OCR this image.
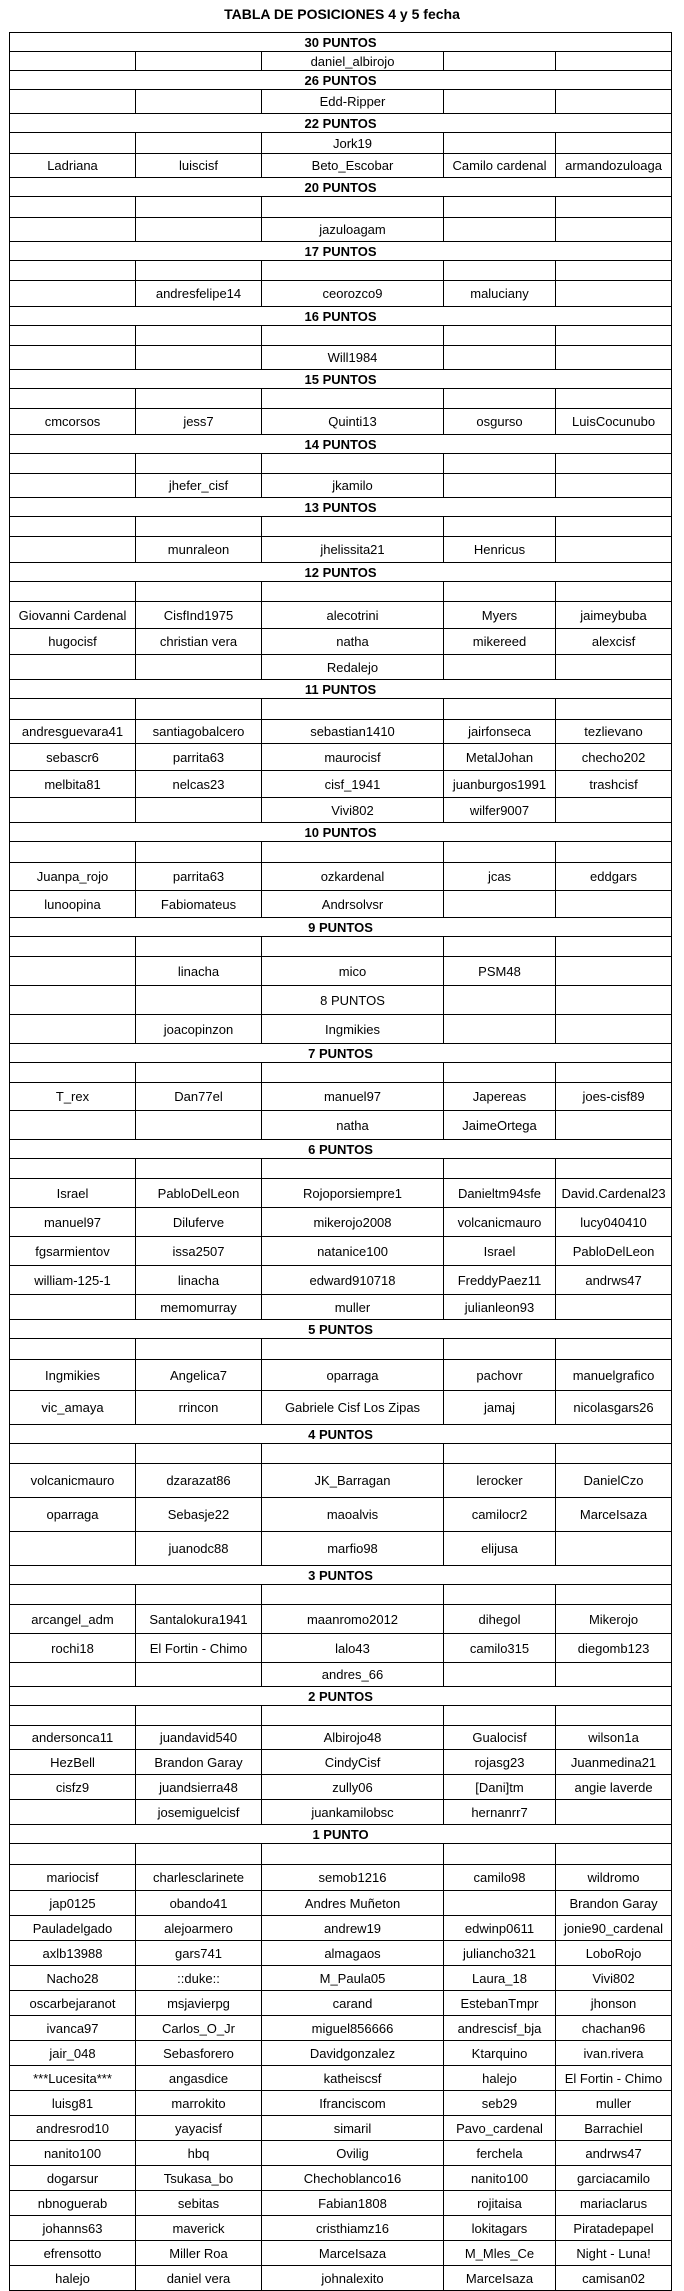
TABLA DE POSICIONES 4 y 5 fecha
30 PUNTOS				
		daniel_albirojo		
26 PUNTOS				
		Edd-Ripper		
22 PUNTOS				
		Jork19		
Ladriana	luiscisf	Beto_Escobar	Camilo cardenal	armandozuloaga
20 PUNTOS				

		jazuloagam		
17 PUNTOS				

	andresfelipe14	ceorozco9	maluciany	
16 PUNTOS				

		Will1984		
15 PUNTOS				

cmcorsos	jess7	Quinti13	osgurso	LuisCocunubo
14 PUNTOS				

	jhefer_cisf	jkamilo		
13 PUNTOS				

	munraleon	jhelissita21	Henricus	
12 PUNTOS				

Giovanni Cardenal	CisfInd1975	alecotrini	Myers	jaimeybuba
hugocisf	christian vera	natha	mikereed	alexcisf
		Redalejo		
11 PUNTOS				

andresguevara41	santiagobalcero	sebastian1410	jairfonseca	tezlievano
sebascr6	parrita63	maurocisf	MetalJohan	checho202
melbita81	nelcas23	cisf_1941	juanburgos1991	trashcisf
		Vivi802	wilfer9007	
10 PUNTOS				

Juanpa_rojo	parrita63	ozkardenal	jcas	eddgars
lunoopina	Fabiomateus	Andrsolvsr		
9 PUNTOS				

	linacha	mico	PSM48	
		8 PUNTOS		
	joacopinzon	Ingmikies		
7 PUNTOS				

T_rex	Dan77el	manuel97	Japereas	joes-cisf89
		natha	JaimeOrtega	
6 PUNTOS				

Israel	PabloDelLeon	Rojoporsiempre1	Danieltm94sfe	David.Cardenal23
manuel97	Diluferve	mikerojo2008	volcanicmauro	lucy040410
fgsarmientov	issa2507	natanice100	Israel	PabloDelLeon
william-125-1	linacha	edward910718	FreddyPaez11	andrws47
	memomurray	muller	julianleon93	
5 PUNTOS				

Ingmikies	Angelica7	oparraga	pachovr	manuelgrafico
vic_amaya	rrincon	Gabriele Cisf Los Zipas	jamaj	nicolasgars26
4 PUNTOS				

volcanicmauro	dzarazat86	JK_Barragan	lerocker	DanielCzo
oparraga	Sebasje22	maoalvis	camilocr2	MarceIsaza
	juanodc88	marfio98	elijusa	
3 PUNTOS				

arcangel_adm	Santalokura1941	maanromo2012	dihegol	Mikerojo
rochi18	El Fortin - Chimo	lalo43	camilo315	diegomb123
		andres_66		
2 PUNTOS				

andersonca11	juandavid540	Albirojo48	Gualocisf	wilson1a
HezBell	Brandon Garay	CindyCisf	rojasg23	Juanmedina21
cisfz9	juandsierra48	zully06	[Dani]tm	angie laverde
	josemiguelcisf	juankamilobsc	hernanrr7	
1 PUNTO				

mariocisf	charlesclarinete	semob1216	camilo98	wildromo
jap0125	obando41	Andres Muñeton		Brandon Garay
Pauladelgado	alejoarmero	andrew19	edwinp0611	jonie90_cardenal
axlb13988	gars741	almagaos	juliancho321	LoboRojo
Nacho28	::duke::	M_Paula05	Laura_18	Vivi802
oscarbejaranot	msjavierpg	carand	EstebanTmpr	jhonson
ivanca97	Carlos_O_Jr	miguel856666	andrescisf_bja	chachan96
jair_048	Sebasforero	Davidgonzalez	Ktarquino	ivan.rivera
***Lucesita***	angasdice	katheiscsf	halejo	El Fortin - Chimo
luisg81	marrokito	Ifranciscom	seb29	muller
andresrod10	yayacisf	simaril	Pavo_cardenal	Barrachiel
nanito100	hbq	Ovilig	ferchela	andrws47
dogarsur	Tsukasa_bo	Chechoblanco16	nanito100	garciacamilo
nbnoguerab	sebitas	Fabian1808	rojitaisa	mariaclarus
johanns63	maverick	cristhiamz16	lokitagars	Piratadepapel
efrensotto	Miller Roa	MarceIsaza	M_Mles_Ce	Night - Luna!
halejo	daniel vera	johnalexito	MarceIsaza	camisan02
